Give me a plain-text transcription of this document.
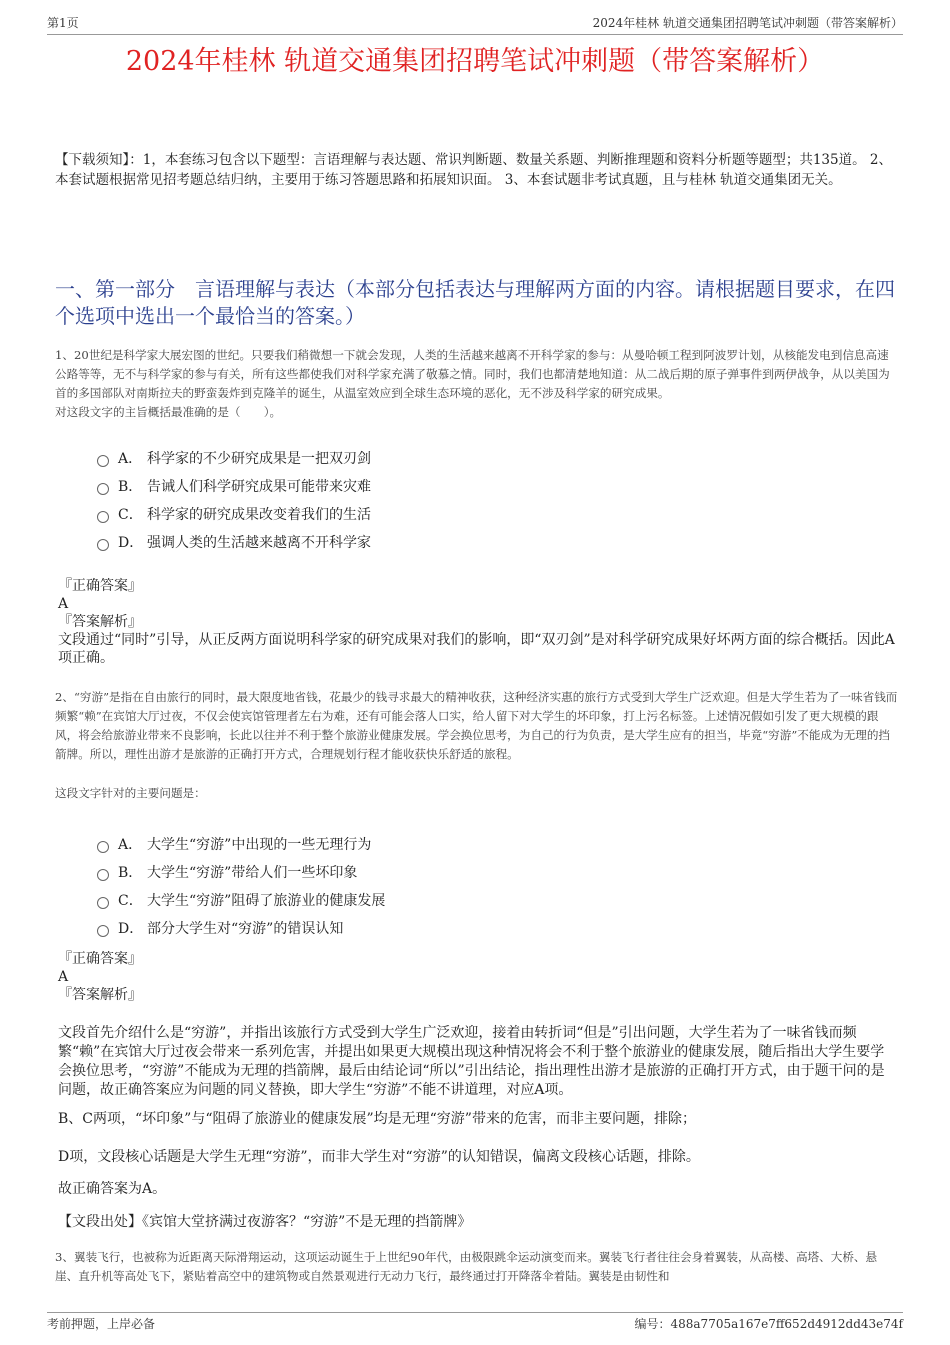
第1页	2024年桂林 轨道交通集团招聘笔试冲刺题（带答案解析）
2024年桂林 轨道交通集团招聘笔试冲刺题（带答案解析）
【下载须知】：1，本套练习包含以下题型：言语理解与表达题、常识判断题、数量关系题、判断推理题和资料分析题等题型；共135道。 2、本套试题根据常见招考题总结归纳，主要用于练习答题思路和拓展知识面。 3、本套试题非考试真题，且与桂林 轨道交通集团无关。
一、第一部分　言语理解与表达（本部分包括表达与理解两方面的内容。请根据题目要求，在四个选项中选出一个最恰当的答案。）
1、20世纪是科学家大展宏图的世纪。只要我们稍微想一下就会发现，人类的生活越来越离不开科学家的参与：从曼哈顿工程到阿波罗计划，从核能发电到信息高速公路等等，无不与科学家的参与有关，所有这些都使我们对科学家充满了敬慕之情。同时，我们也都清楚地知道：从二战后期的原子弹事件到两伊战争，从以美国为首的多国部队对南斯拉夫的野蛮轰炸到克隆羊的诞生，从温室效应到全球生态环境的恶化，无不涉及科学家的研究成果。
对这段文字的主旨概括最准确的是（　　）。
A． 科学家的不少研究成果是一把双刃剑
B． 告诫人们科学研究成果可能带来灾难
C． 科学家的研究成果改变着我们的生活
D． 强调人类的生活越来越离不开科学家
『正确答案』
A
『答案解析』
文段通过“同时”引导，从正反两方面说明科学家的研究成果对我们的影响，即“双刃剑”是对科学研究成果好坏两方面的综合概括。因此A项正确。
2、“穷游”是指在自由旅行的同时，最大限度地省钱，花最少的钱寻求最大的精神收获，这种经济实惠的旅行方式受到大学生广泛欢迎。但是大学生若为了一味省钱而频繁“赖”在宾馆大厅过夜，不仅会使宾馆管理者左右为难，还有可能会落人口实，给人留下对大学生的坏印象，打上污名标签。上述情况假如引发了更大规模的跟风，将会给旅游业带来不良影响，长此以往并不利于整个旅游业健康发展。学会换位思考，为自己的行为负责，是大学生应有的担当，毕竟“穷游”不能成为无理的挡箭牌。所以，理性出游才是旅游的正确打开方式，合理规划行程才能收获快乐舒适的旅程。
这段文字针对的主要问题是：
A． 大学生“穷游”中出现的一些无理行为
B． 大学生“穷游”带给人们一些坏印象
C． 大学生“穷游”阻碍了旅游业的健康发展
D． 部分大学生对“穷游”的错误认知
『正确答案』
A
『答案解析』
文段首先介绍什么是“穷游”，并指出该旅行方式受到大学生广泛欢迎，接着由转折词“但是”引出问题，大学生若为了一味省钱而频繁“赖”在宾馆大厅过夜会带来一系列危害，并提出如果更大规模出现这种情况将会不利于整个旅游业的健康发展，随后指出大学生要学会换位思考，“穷游”不能成为无理的挡箭牌，最后由结论词“所以”引出结论，指出理性出游才是旅游的正确打开方式，由于题干问的是问题，故正确答案应为问题的同义替换，即大学生“穷游”不能不讲道理，对应A项。
B、C两项，“坏印象”与“阻碍了旅游业的健康发展”均是无理“穷游”带来的危害，而非主要问题，排除；
D项，文段核心话题是大学生无理“穷游”，而非大学生对“穷游”的认知错误，偏离文段核心话题，排除。
故正确答案为A。
【文段出处】《宾馆大堂挤满过夜游客？“穷游”不是无理的挡箭牌》
3、翼装飞行，也被称为近距离天际滑翔运动，这项运动诞生于上世纪90年代，由极限跳伞运动演变而来。翼装飞行者往往会身着翼装，从高楼、高塔、大桥、悬崖、直升机等高处飞下，紧贴着高空中的建筑物或自然景观进行无动力飞行，最终通过打开降落伞着陆。翼装是由韧性和
考前押题，上岸必备	编号：488a7705a167e7ff652d4912dd43e74f
